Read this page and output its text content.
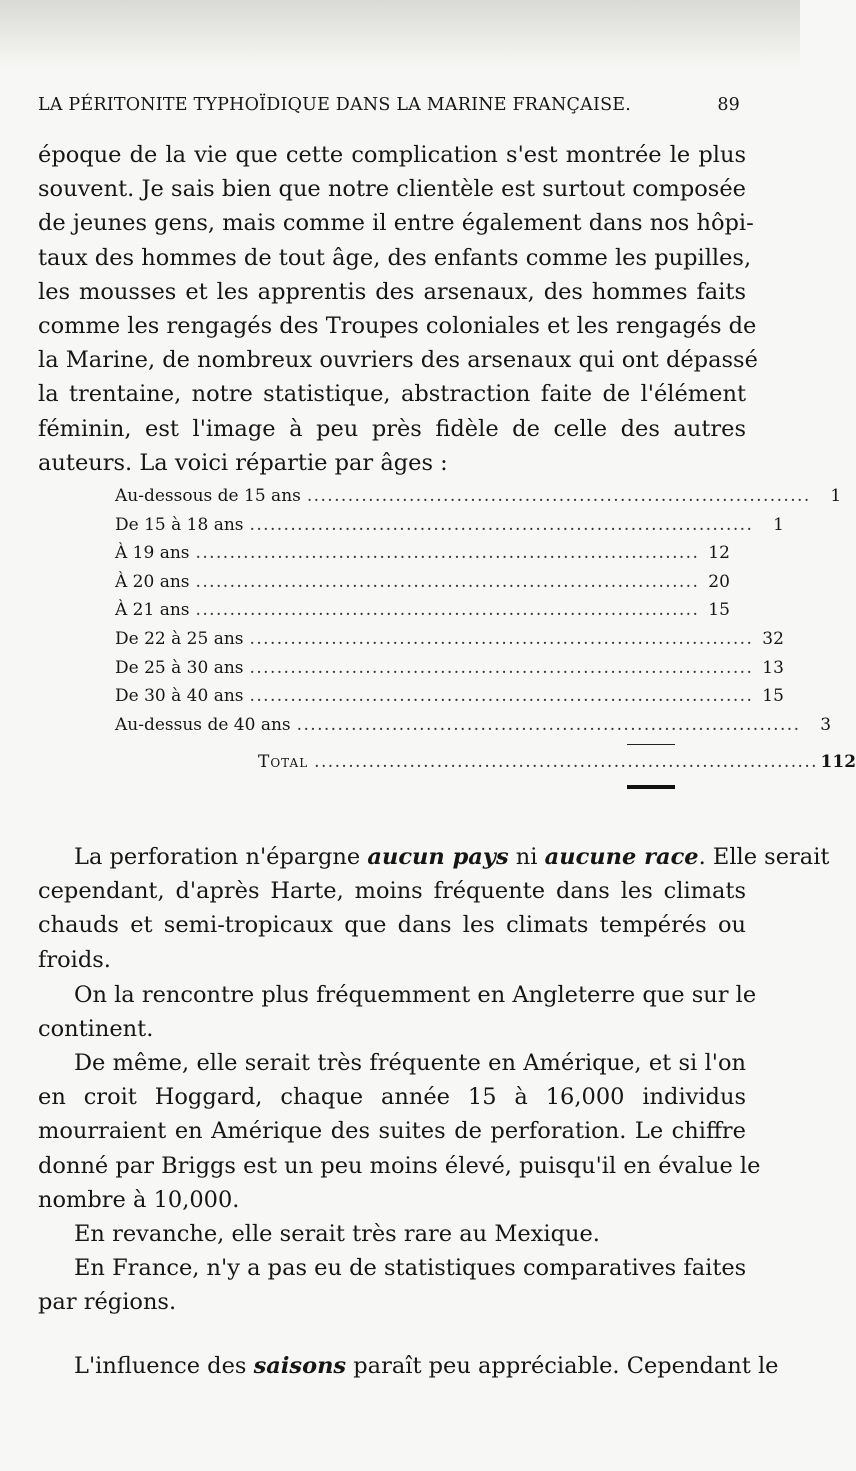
LA PÉRITONITE TYPHOÏDIQUE DANS LA MARINE FRANÇAISE.	89
époque de la vie que cette complication s'est montrée le plus
souvent. Je sais bien que notre clientèle est surtout composée
de jeunes gens, mais comme il entre également dans nos hôpi-
taux des hommes de tout âge, des enfants comme les pupilles,
les mousses et les apprentis des arsenaux, des hommes faits
comme les rengagés des Troupes coloniales et les rengagés de
la Marine, de nombreux ouvriers des arsenaux qui ont dépassé
la trentaine, notre statistique, abstraction faite de l'élément
féminin, est l'image à peu près fidèle de celle des autres
auteurs. La voici répartie par âges :
Au-dessous de 15 ans . . .	1
De 15 à 18 ans . . .	1
À 19 ans . . .	12
À 20 ans . . .	20
À 21 ans . . .	15
De 22 à 25 ans . . .	32
De 25 à 30 ans . . .	13
De 30 à 40 ans . . .	15
Au-dessus de 40 ans . . .	3
Total . . .	112
La perforation n'épargne aucun pays ni aucune race. Elle serait
cependant, d'après Harte, moins fréquente dans les climats
chauds et semi-tropicaux que dans les climats tempérés ou
froids.
On la rencontre plus fréquemment en Angleterre que sur le
continent.
De même, elle serait très fréquente en Amérique, et si l'on
en croit Hoggard, chaque année 15 à 16,000 individus
mourraient en Amérique des suites de perforation. Le chiffre
donné par Briggs est un peu moins élevé, puisqu'il en évalue le
nombre à 10,000.
En revanche, elle serait très rare au Mexique.
En France, n'y a pas eu de statistiques comparatives faites
par régions.
L'influence des saisons paraît peu appréciable. Cependant le
